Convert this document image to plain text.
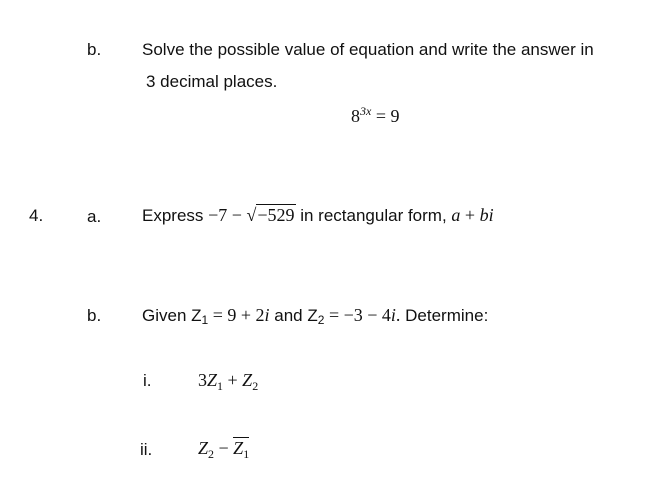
b. Solve the possible value of equation and write the answer in
3 decimal places.
$8^{3x} = 9$
4.	a. Express −7 − √−529 in rectangular form, a + bi
b. Given Z1 = 9 + 2i and Z2 = −3 − 4i. Determine:
i.	$3Z_1 + Z_2$
ii.	$Z_2 - Z_1$
